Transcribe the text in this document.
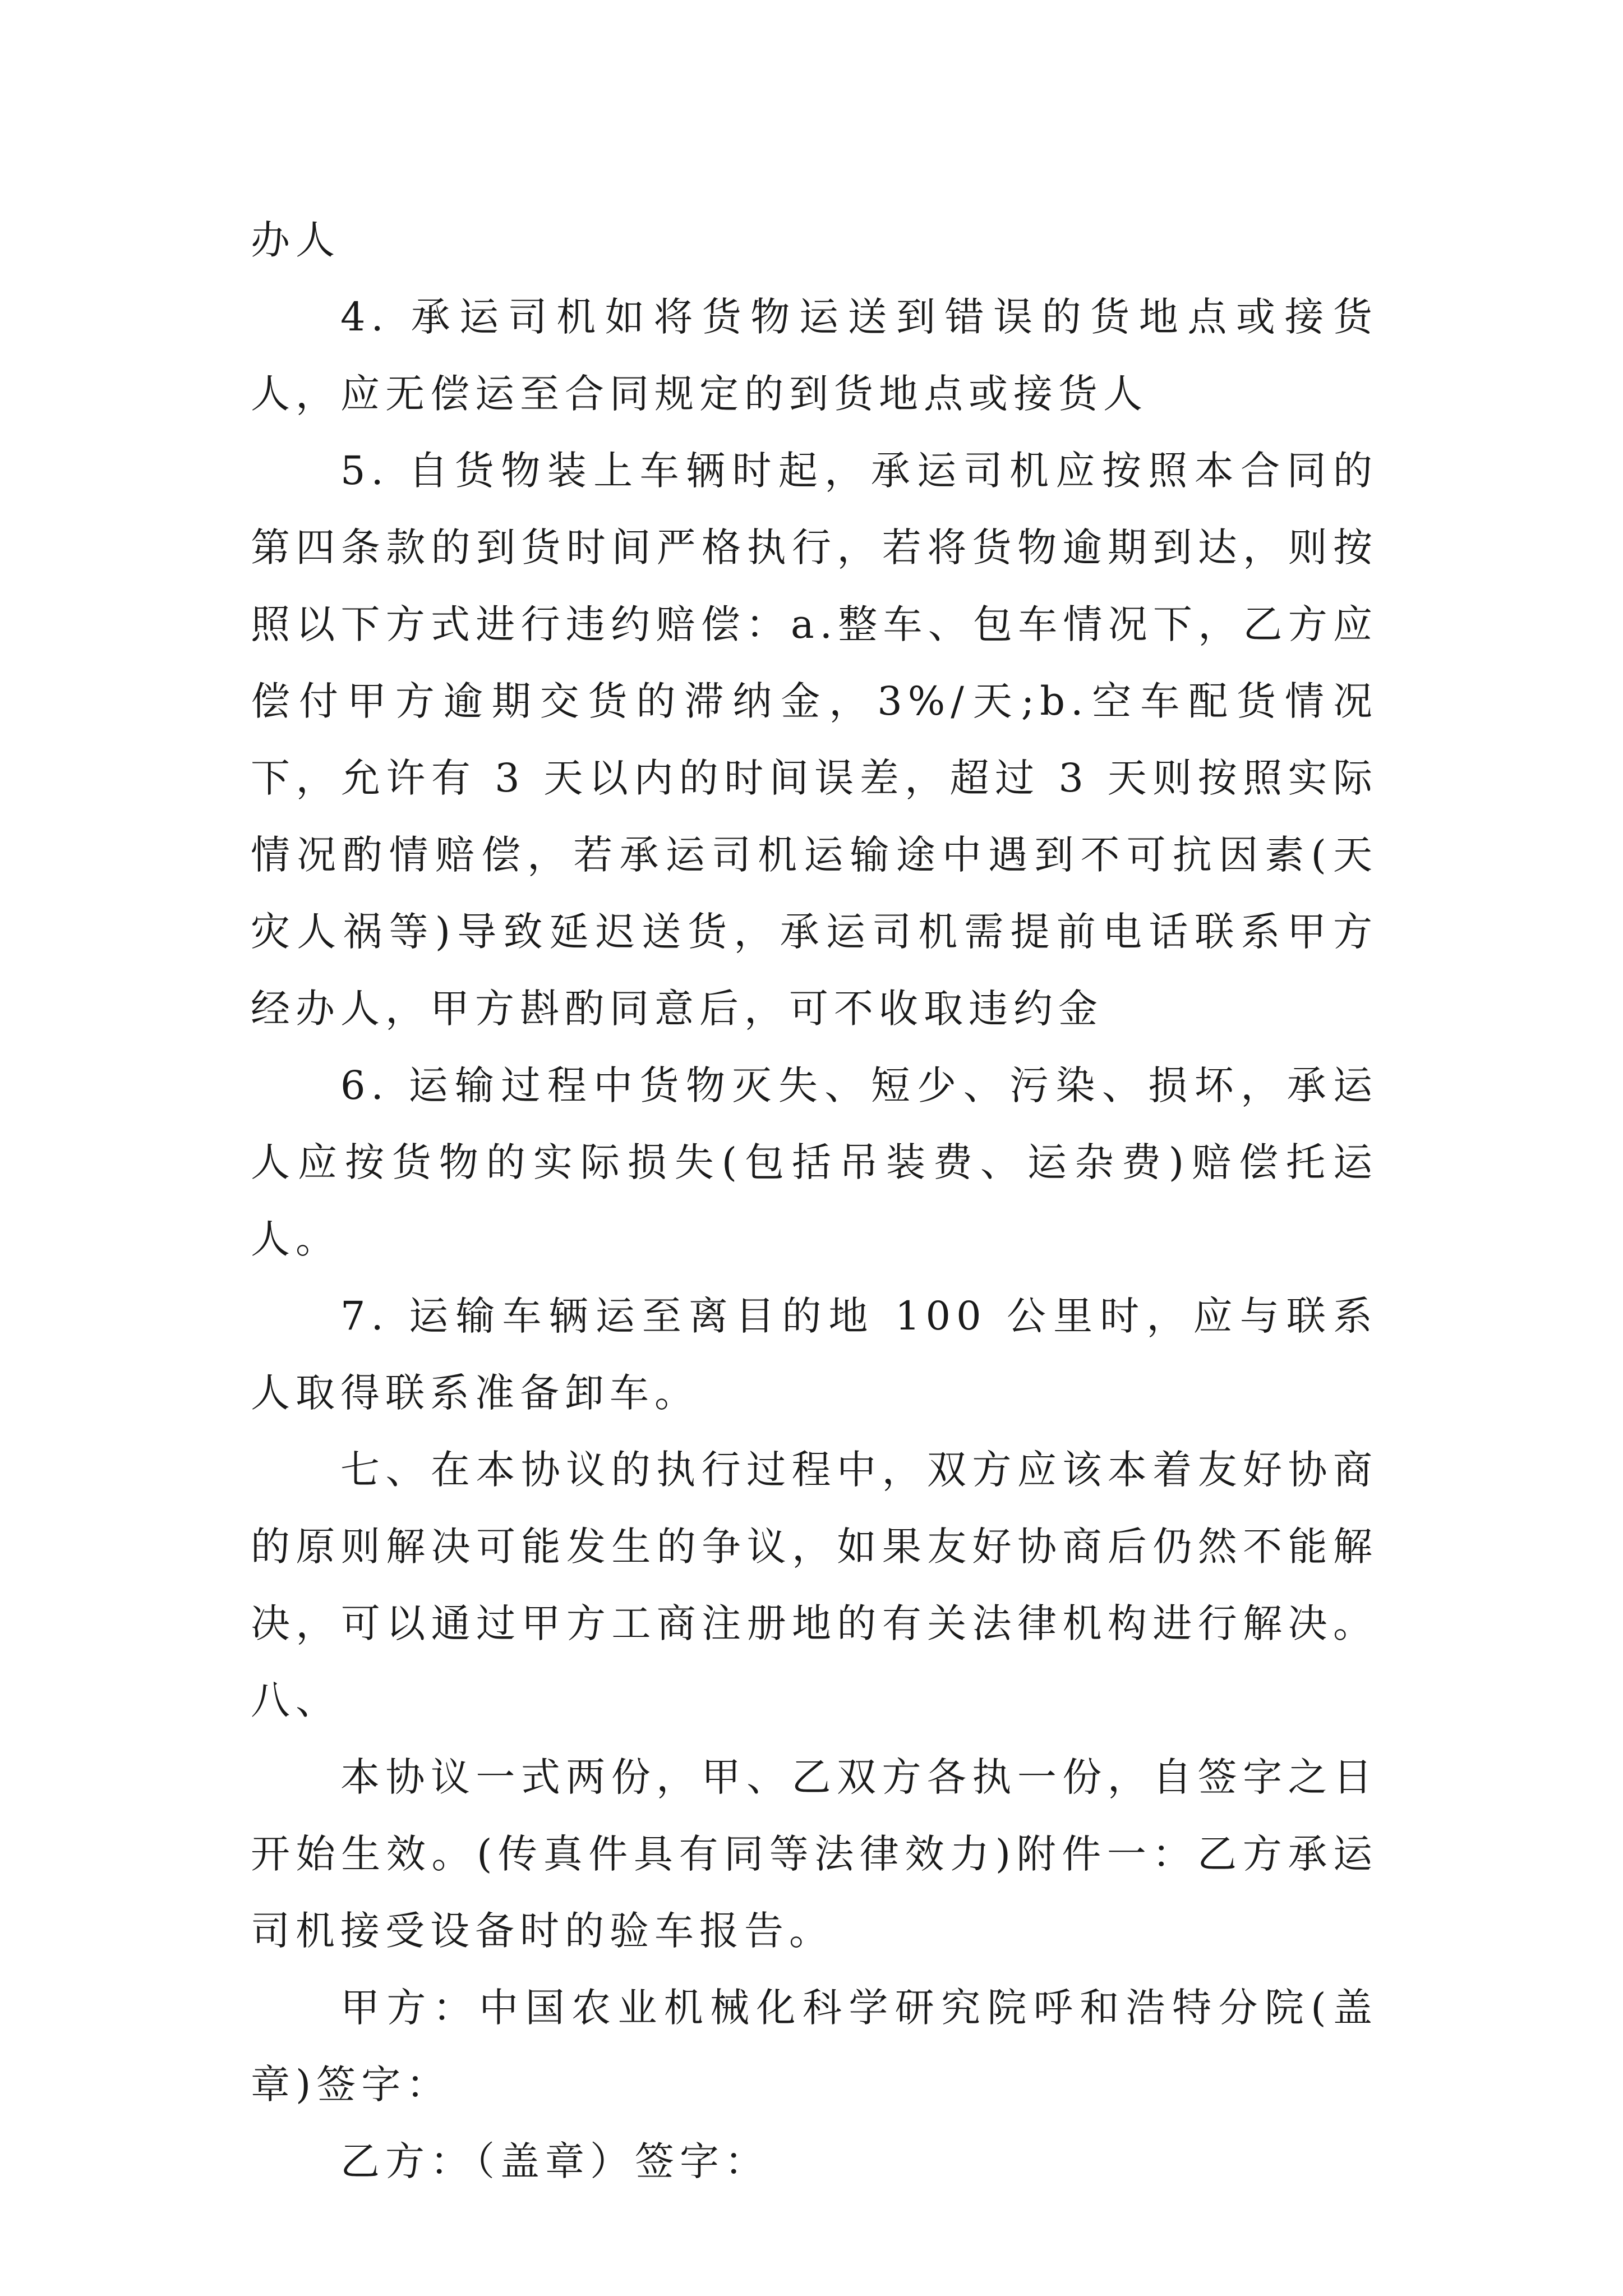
办人

4. 承运司机如将货物运送到错误的货地点或接货人，应无偿运至合同规定的到货地点或接货人

5. 自货物装上车辆时起，承运司机应按照本合同的第四条款的到货时间严格执行，若将货物逾期到达，则按照以下方式进行违约赔偿：a.整车、包车情况下，乙方应偿付甲方逾期交货的滞纳金，3%/天;b.空车配货情况下，允许有 3 天以内的时间误差，超过 3 天则按照实际情况酌情赔偿，若承运司机运输途中遇到不可抗因素(天灾人祸等)导致延迟送货，承运司机需提前电话联系甲方经办人，甲方斟酌同意后，可不收取违约金

6. 运输过程中货物灭失、短少、污染、损坏，承运人应按货物的实际损失(包括吊装费、运杂费)赔偿托运人。

7. 运输车辆运至离目的地 100 公里时，应与联系人取得联系准备卸车。

七、在本协议的执行过程中，双方应该本着友好协商的原则解决可能发生的争议，如果友好协商后仍然不能解决，可以通过甲方工商注册地的有关法律机构进行解决。 八、

本协议一式两份，甲、乙双方各执一份，自签字之日开始生效。(传真件具有同等法律效力)附件一：乙方承运司机接受设备时的验车报告。

甲方：中国农业机械化科学研究院呼和浩特分院(盖章)签字：

乙方：（盖章）签字：
